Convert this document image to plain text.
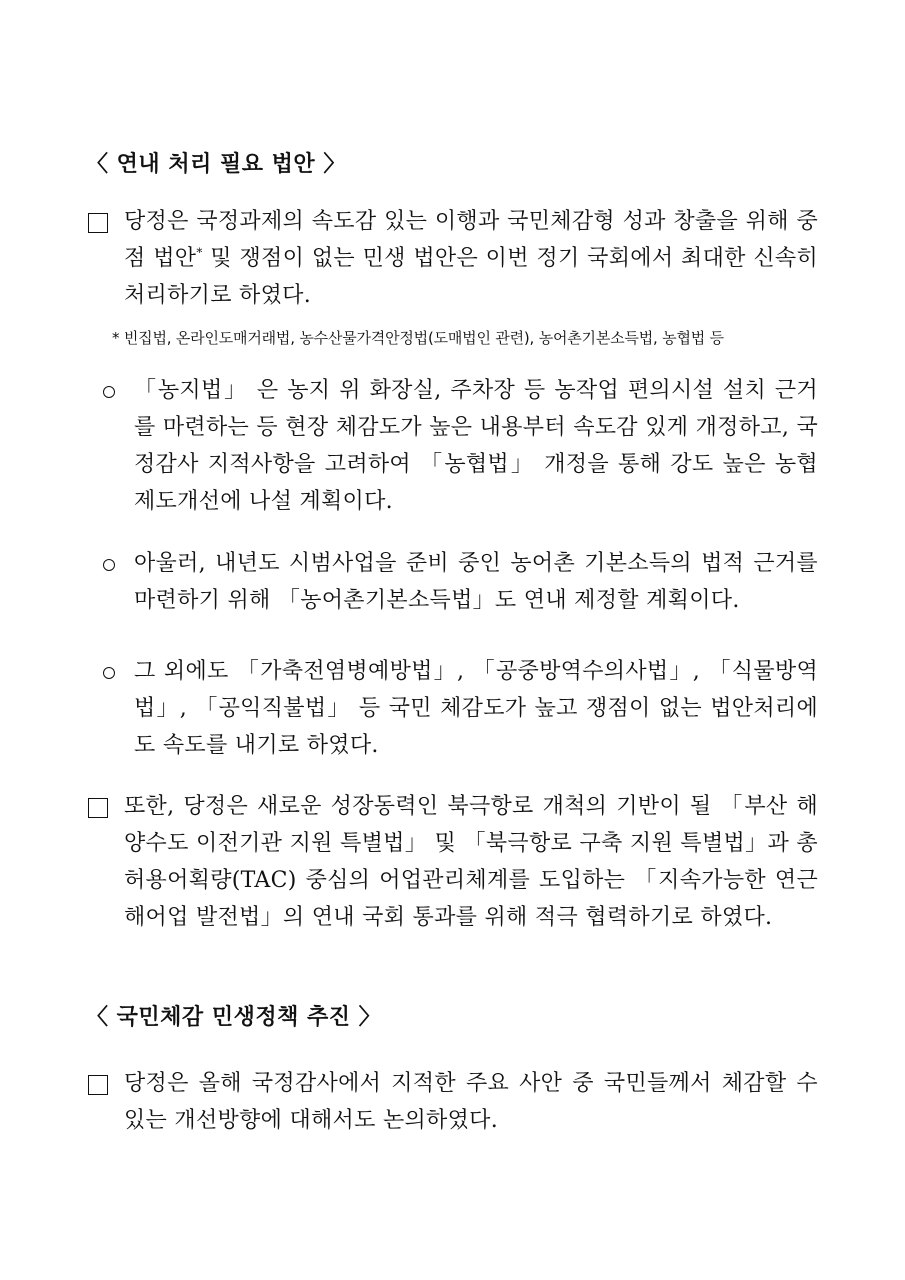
〈 연내 처리 필요 법안 〉
당정은 국정과제의 속도감 있는 이행과 국민체감형 성과 창출을 위해 중점 법안* 및 쟁점이 없는 민생 법안은 이번 정기 국회에서 최대한 신속히 처리하기로 하였다.
* 빈집법, 온라인도매거래법, 농수산물가격안정법(도매법인 관련), 농어촌기본소득법, 농협법 등
「농지법」 은 농지 위 화장실, 주차장 등 농작업 편의시설 설치 근거를 마련하는 등 현장 체감도가 높은 내용부터 속도감 있게 개정하고, 국정감사 지적사항을 고려하여 「농협법」 개정을 통해 강도 높은 농협 제도개선에 나설 계획이다.
아울러, 내년도 시범사업을 준비 중인 농어촌 기본소득의 법적 근거를 마련하기 위해 「농어촌기본소득법」도 연내 제정할 계획이다.
그 외에도 「가축전염병예방법」, 「공중방역수의사법」, 「식물방역법」, 「공익직불법」 등 국민 체감도가 높고 쟁점이 없는 법안처리에도 속도를 내기로 하였다.
또한, 당정은 새로운 성장동력인 북극항로 개척의 기반이 될 「부산 해양수도 이전기관 지원 특별법」 및 「북극항로 구축 지원 특별법」과 총허용어획량(TAC) 중심의 어업관리체계를 도입하는 「지속가능한 연근해어업 발전법」의 연내 국회 통과를 위해 적극 협력하기로 하였다.
〈 국민체감 민생정책 추진 〉
당정은 올해 국정감사에서 지적한 주요 사안 중 국민들께서 체감할 수 있는 개선방향에 대해서도 논의하였다.
